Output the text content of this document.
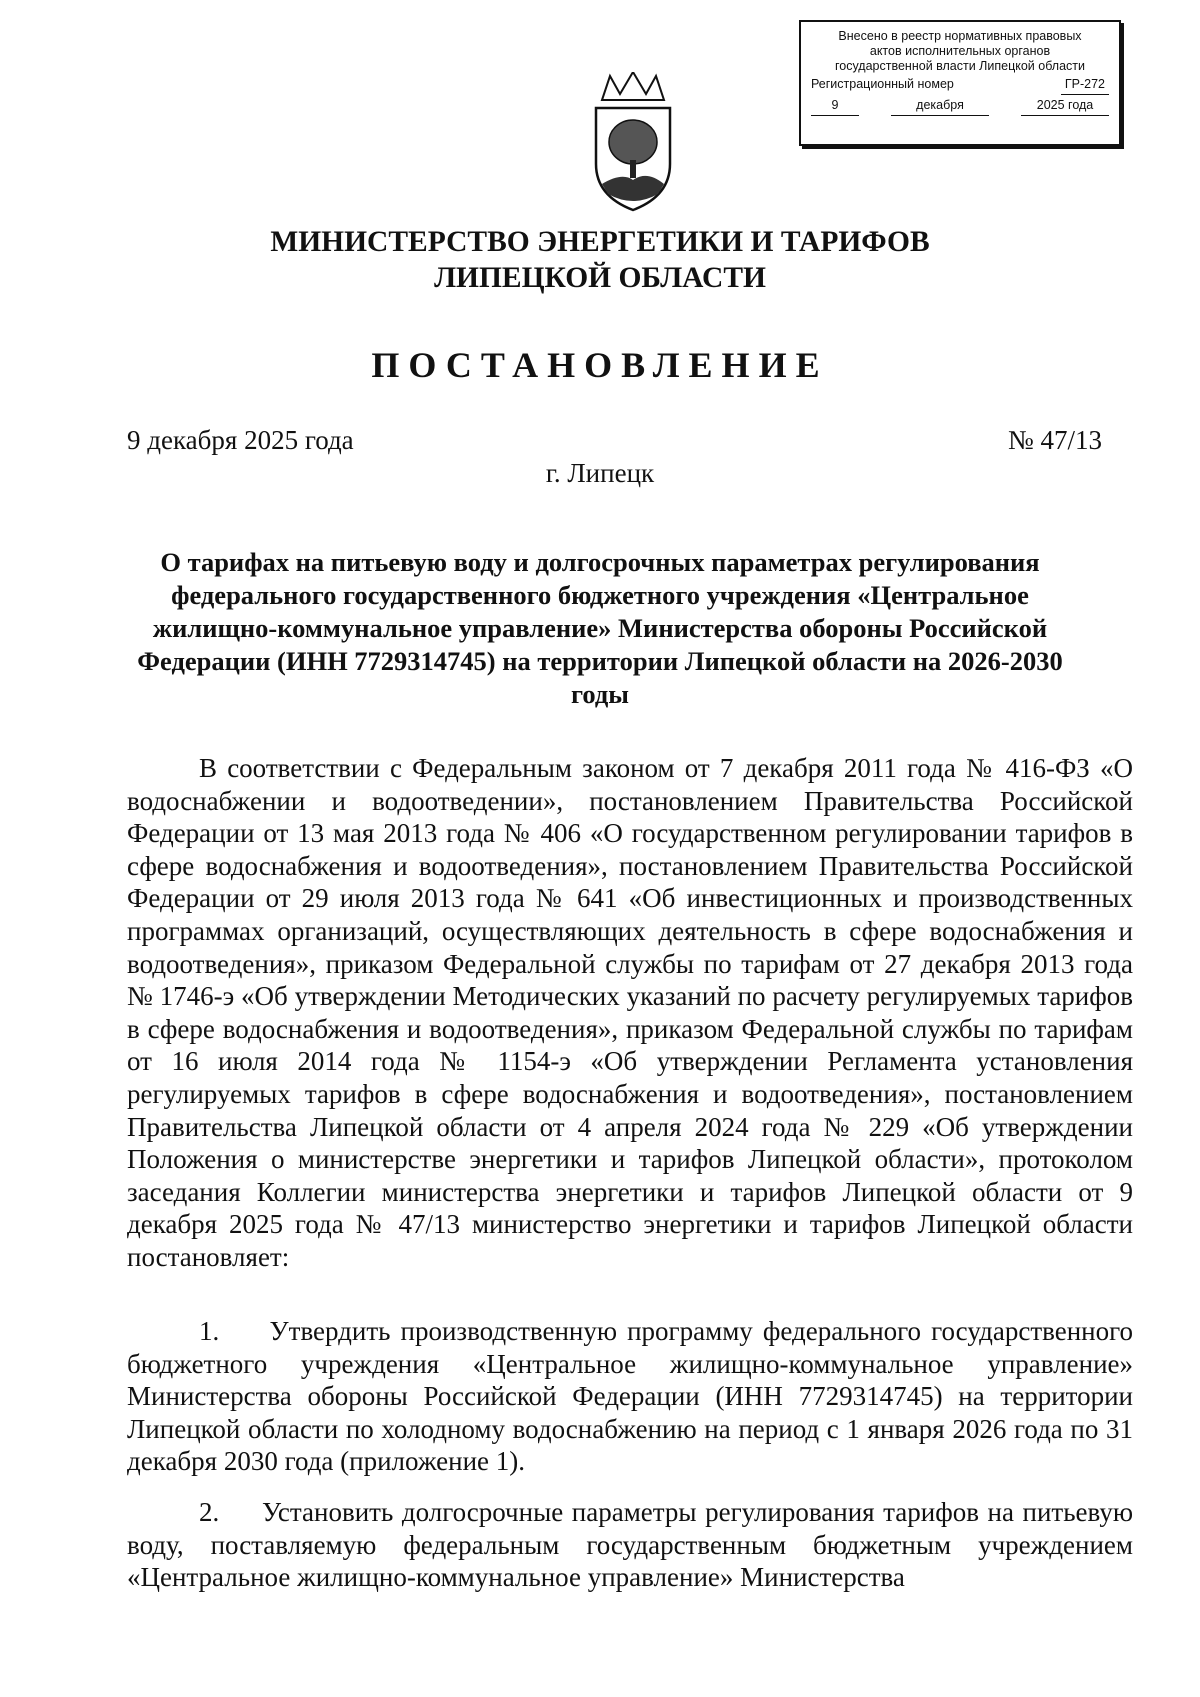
Внесено в реестр нормативных правовых
актов исполнительных органов
государственной власти Липецкой области
Регистрационный номер	ГР-272
9	декабря	2025 года
МИНИСТЕРСТВО ЭНЕРГЕТИКИ И ТАРИФОВ
ЛИПЕЦКОЙ ОБЛАСТИ
ПОСТАНОВЛЕНИЕ
9 декабря 2025 года	№ 47/13
г. Липецк
О тарифах на питьевую воду и долгосрочных параметрах регулирования федерального государственного бюджетного учреждения «Центральное жилищно-коммунальное управление» Министерства обороны Российской Федерации (ИНН 7729314745) на территории Липецкой области на 2026-2030 годы
В соответствии с Федеральным законом от 7 декабря 2011 года № 416-ФЗ «О водоснабжении и водоотведении», постановлением Правительства Российской Федерации от 13 мая 2013 года № 406 «О государственном регулировании тарифов в сфере водоснабжения и водоотведения», постановлением Правительства Российской Федерации от 29 июля 2013 года № 641 «Об инвестиционных и производственных программах организаций, осуществляющих деятельность в сфере водоснабжения и водоотведения», приказом Федеральной службы по тарифам от 27 декабря 2013 года № 1746-э «Об утверждении Методических указаний по расчету регулируемых тарифов в сфере водоснабжения и водоотведения», приказом Федеральной службы по тарифам от 16 июля 2014 года № 1154-э «Об утверждении Регламента установления регулируемых тарифов в сфере водоснабжения и водоотведения», постановлением Правительства Липецкой области от 4 апреля 2024 года № 229 «Об утверждении Положения о министерстве энергетики и тарифов Липецкой области», протоколом заседания Коллегии министерства энергетики и тарифов Липецкой области от 9 декабря 2025 года № 47/13 министерство энергетики и тарифов Липецкой области постановляет:
1.     Утвердить производственную программу федерального государственного бюджетного учреждения «Центральное жилищно-коммунальное управление» Министерства обороны Российской Федерации (ИНН 7729314745) на территории Липецкой области по холодному водоснабжению на период с 1 января 2026 года по 31 декабря 2030 года (приложение 1).
2.     Установить долгосрочные параметры регулирования тарифов на питьевую воду, поставляемую федеральным государственным бюджетным учреждением «Центральное жилищно-коммунальное управление» Министерства
